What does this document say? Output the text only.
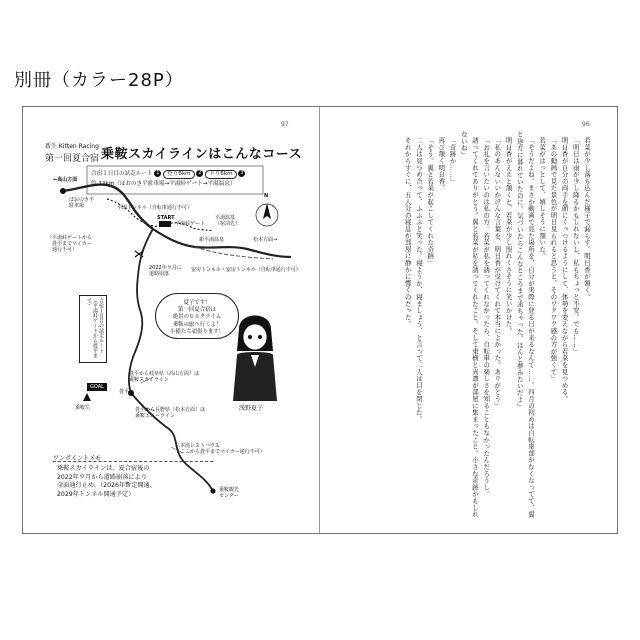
別冊（カラー28P）
97
新生 Kitten Racing
第一回夏合宿 乗鞍スカイラインはこんなコース
合宿１日目の試走ルート 1 登り6km 2 下り6km 3
約 12km（ほおのき平駐車場→平湯峠ゲート→平湯温泉）
←高山方面
ほおのき平
駐車場	平湯トンネル（自転車通行不可）
START
平湯峠ゲート
平湯温泉
（宿泊先）
松本方面→
（平湯峠ゲートから
　畳平までマイカー
　通行不可）
新平湯温泉
2022年９月に
道路崩落
安房トンネル・安房トンネル（自転車通行不可）
合宿１日目の試走ルート（平湯峠ゲートから畳平まで）	夏子です！
第一回夏合宿は
絶景のヒルクライム
乗鞍の旅へ行くよ！
小猫たち頑張ります！
浅野夏子
GOAL
畳平
畳平から岐阜県（高山方面）は
乗鞍スカイライン
乗鞍岳	畳平から長野県（松本方面）は
乗鞍エコーライン
三本滝レストハウス
（ここから畳平までマイカー通行不可）
乗鞍観光
センター
N
ワンポイントメモ
乗鞍スカイラインは、夏合宿後の
2022年９月から道路崩落により
全面通行止め。（2026年暫定開通、
2029年トンネル開通予定）
96

若菜が少し落ち込んだ様子で漏らす。明日香が頷く。

「明日は雨が少し降るかもしれないし、私もちょっと不安。でも……」

明日香が自分の両手を顔にくっつけるようにして、体勢を変えながら若菜を見つめる。

「あの動画で見た景色が明日見られると思うと、そのワクワク感の方が強くて」

若菜がはっとして、嬉しそうに頷いた。

「そうだよね。まさか動画で見た場所を、自分が実際に登る日が来るなんて……。四月の初めは自転車部がなくなってて、翼と途方に暮れていたのに。気づいたらこんなところまで来ちゃった。ほんと夢みたいだよ」

明日香がええと頷くと、若菜が少し照れくさそうに笑いかけた。

「私のあんないいかげんな言葉を、明日香が受けてくれて本当によかった。ありがとう」

「お礼を言いたいのは私の方。若菜が私を誘ってくれなかったら、自転車の楽しさを知ることもなかったんだろうし。

誘ってくれてありがとう。翼と若菜が私を誘ってくれたこと。そして東横と真凛が部屋に集まったこと。小さな奇跡かもしれないね」

「奇跡か……」

再び頷く明日香。

「そう。翼と若菜が起こしてくれた奇跡」

二人は見つめ合って、ふふふと笑った。寝ようか、寝ましょう、と言って二人は目を閉じた。

それからすぐに、五人分の寝息が部屋に静かに響くのだった。
